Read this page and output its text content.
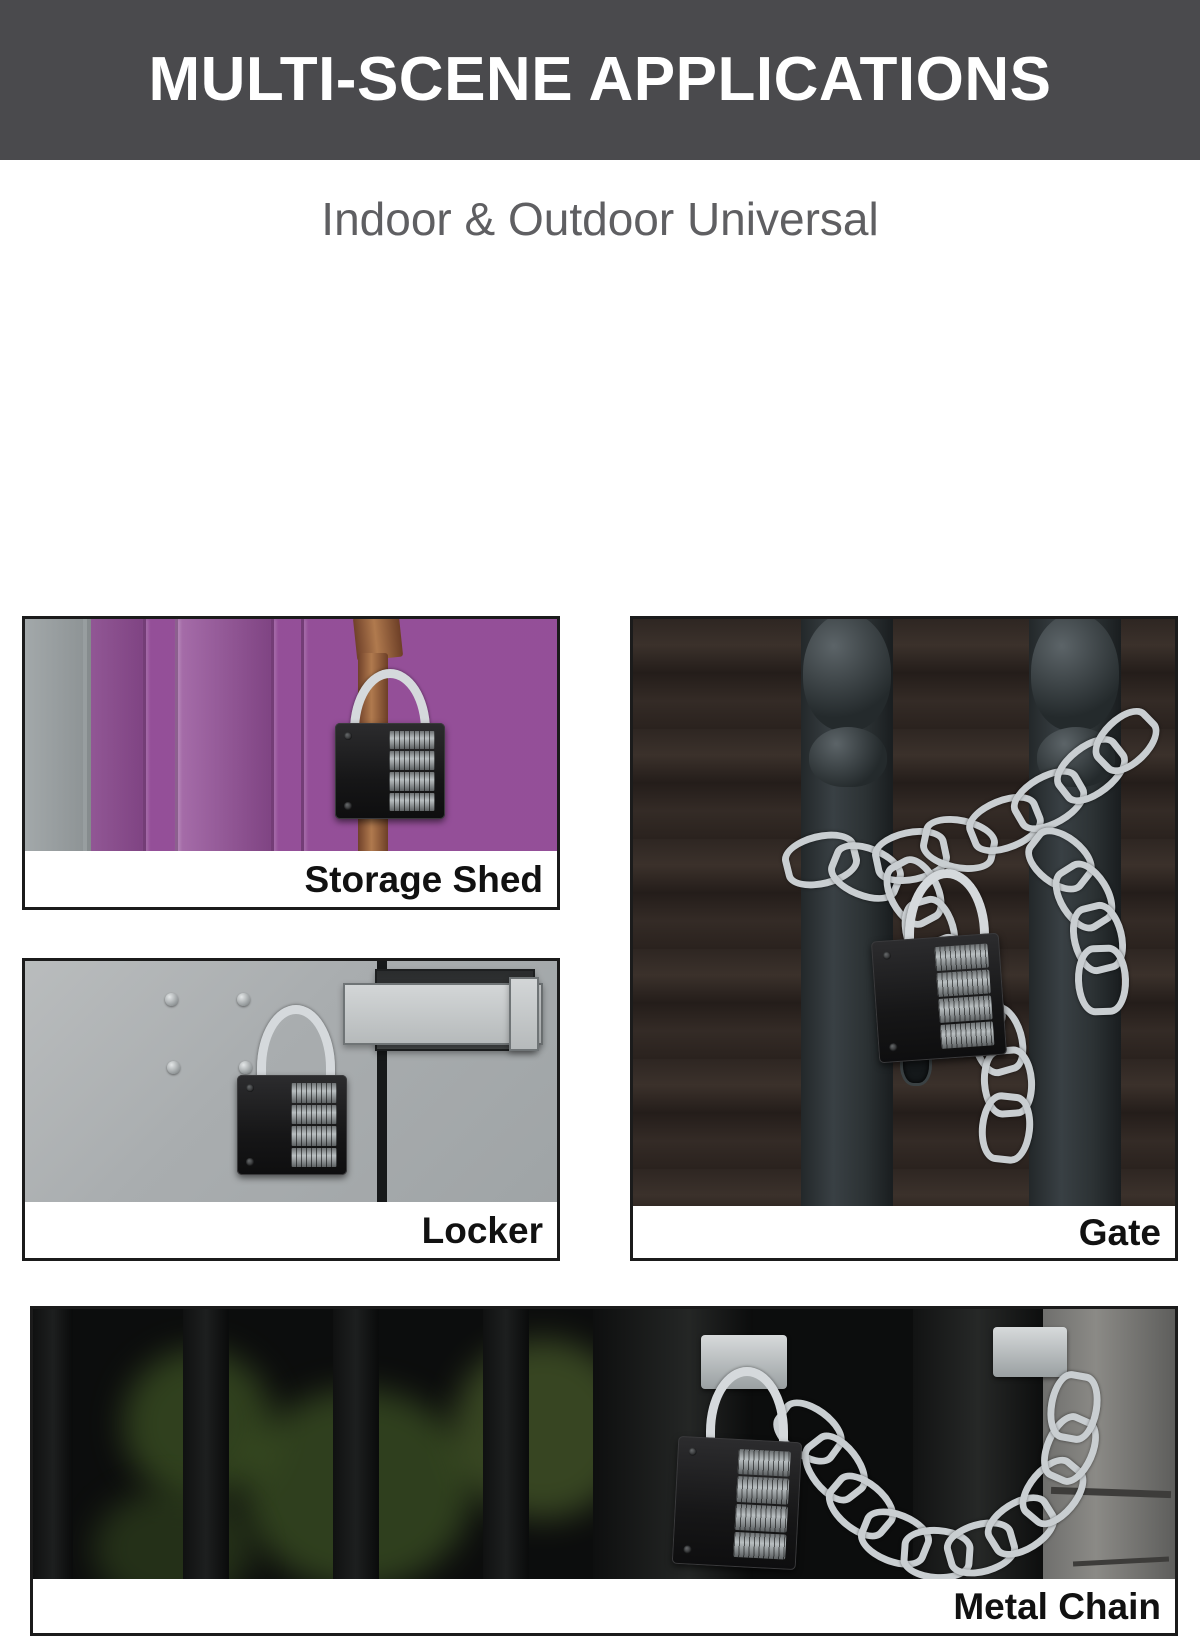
MULTI-SCENE APPLICATIONS
Indoor & Outdoor Universal
Storage Shed
Locker	Gate
Metal Chain
